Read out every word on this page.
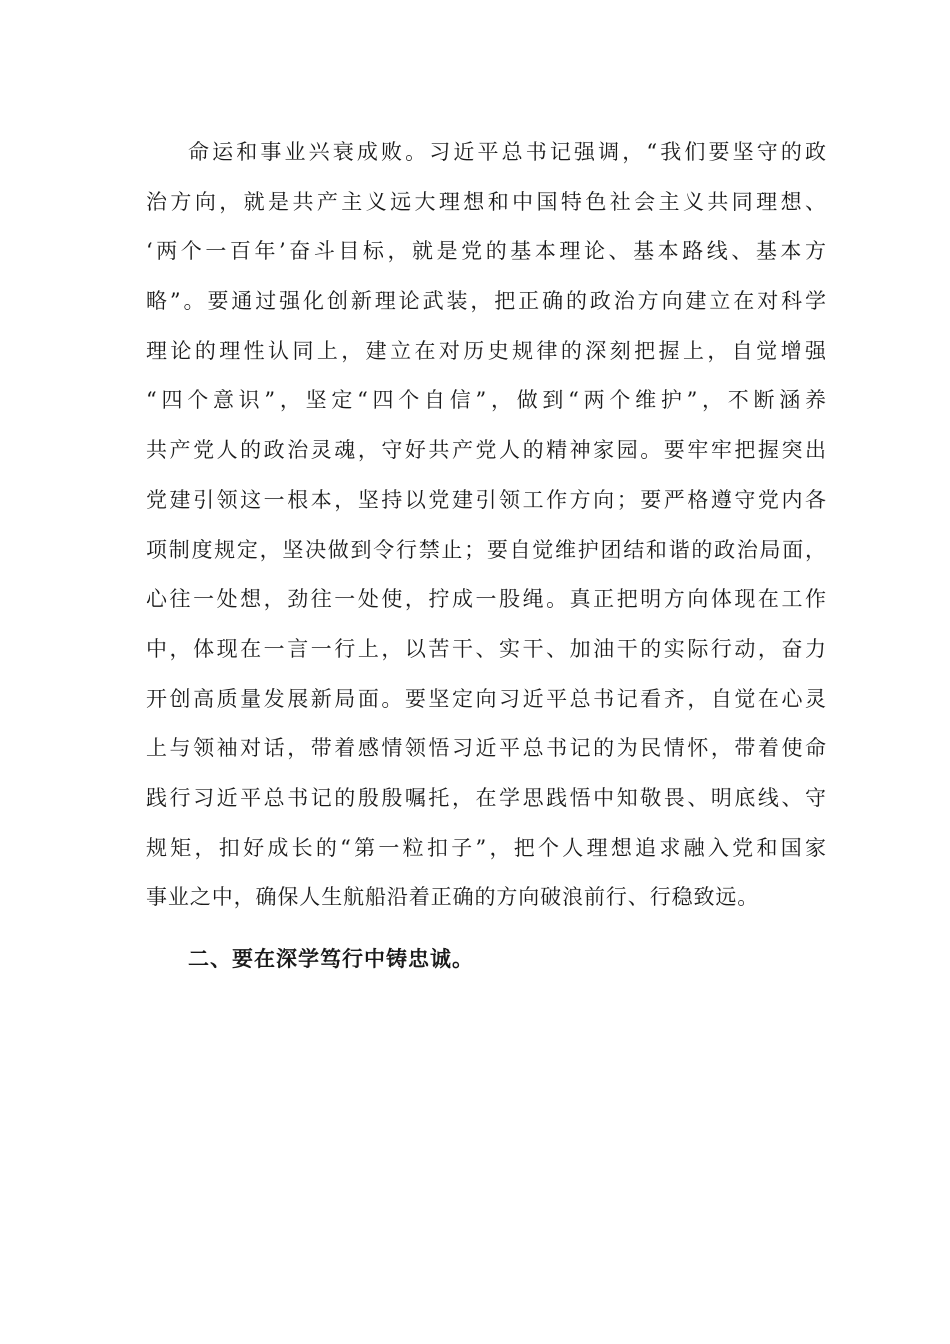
命运和事业兴衰成败。习近平总书记强调，“我们要坚守的政
治方向，就是共产主义远大理想和中国特色社会主义共同理想、
‘两个一百年’奋斗目标，就是党的基本理论、基本路线、基本方
略”。要通过强化创新理论武装，把正确的政治方向建立在对科学
理论的理性认同上，建立在对历史规律的深刻把握上，自觉增强
“四个意识”，坚定“四个自信”，做到“两个维护”，不断涵养
共产党人的政治灵魂，守好共产党人的精神家园。要牢牢把握突出
党建引领这一根本，坚持以党建引领工作方向；要严格遵守党内各
项制度规定，坚决做到令行禁止；要自觉维护团结和谐的政治局面，
心往一处想，劲往一处使，拧成一股绳。真正把明方向体现在工作
中，体现在一言一行上，以苦干、实干、加油干的实际行动，奋力
开创高质量发展新局面。要坚定向习近平总书记看齐，自觉在心灵
上与领袖对话，带着感情领悟习近平总书记的为民情怀，带着使命
践行习近平总书记的殷殷嘱托，在学思践悟中知敬畏、明底线、守
规矩，扣好成长的“第一粒扣子”，把个人理想追求融入党和国家
事业之中，确保人生航船沿着正确的方向破浪前行、行稳致远。
二、要在深学笃行中铸忠诚。
